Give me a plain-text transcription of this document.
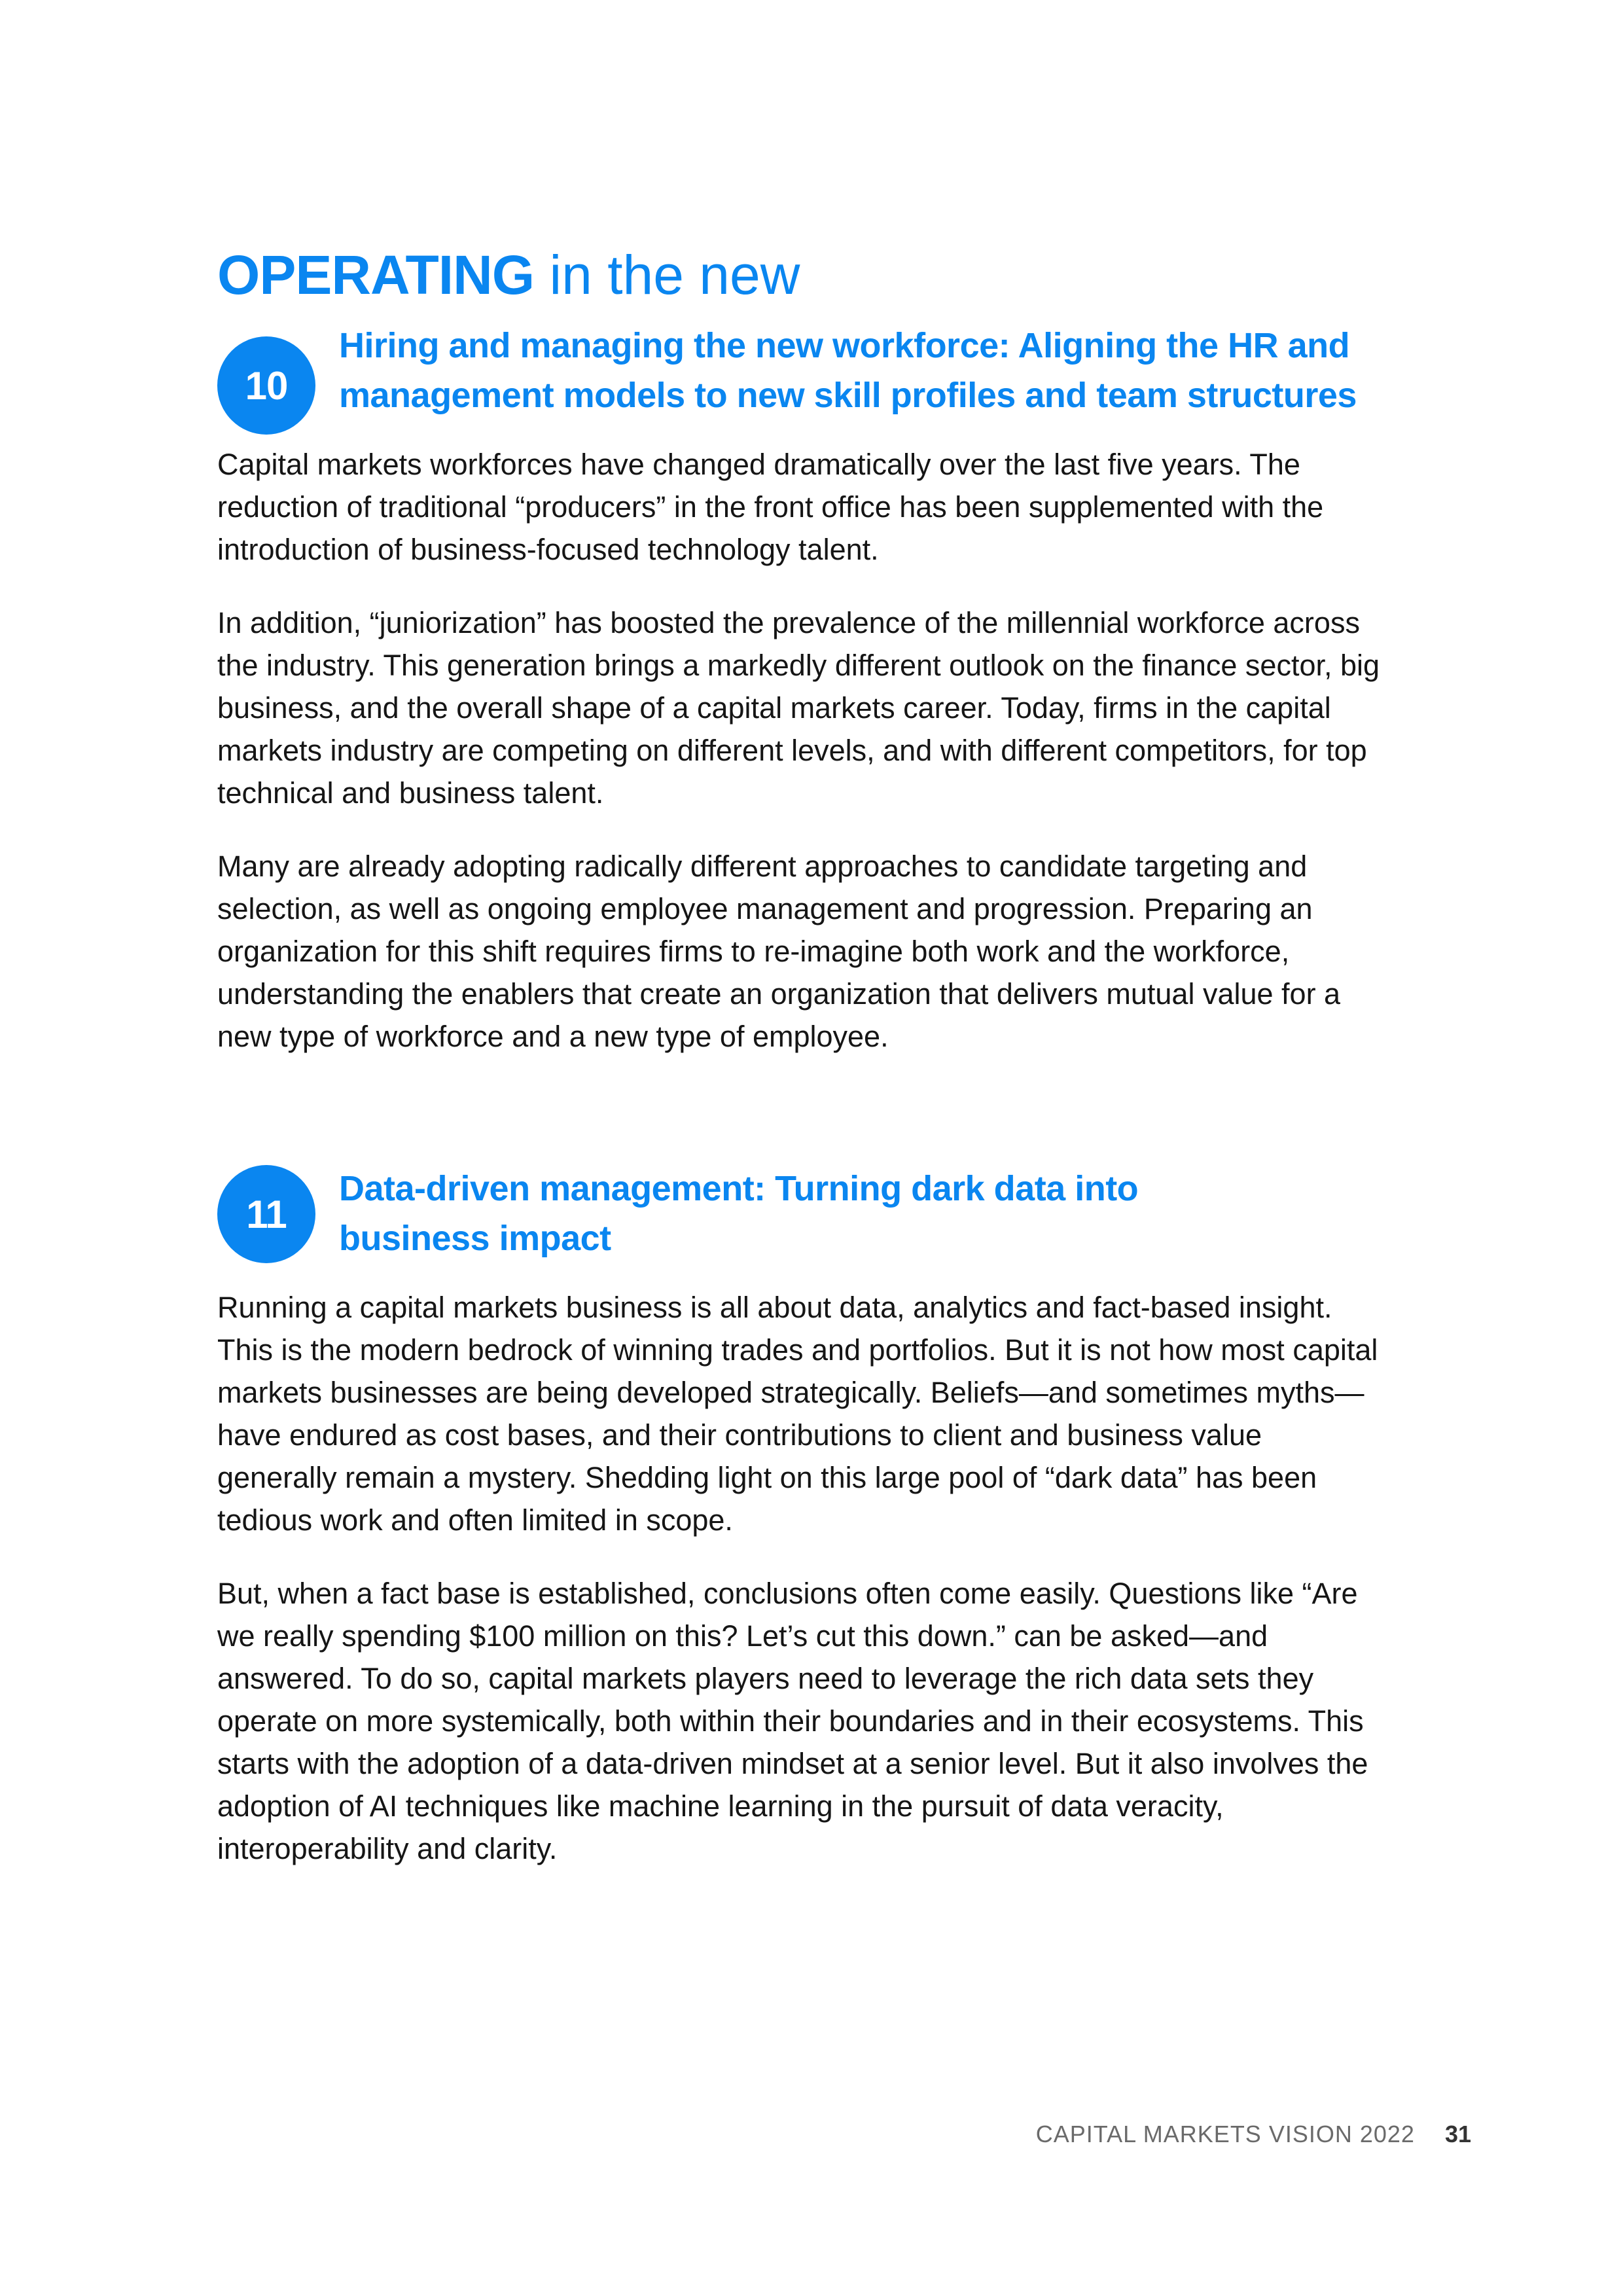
OPERATING in the new
10
Hiring and managing the new workforce: Aligning the HR and management models to new skill profiles and team structures

Capital markets workforces have changed dramatically over the last five years. The reduction of traditional “producers” in the front office has been supplemented with the introduction of business-focused technology talent.

In addition, “juniorization” has boosted the prevalence of the millennial workforce across the industry. This generation brings a markedly different outlook on the finance sector, big business, and the overall shape of a capital markets career. Today, firms in the capital markets industry are competing on different levels, and with different competitors, for top technical and business talent.

Many are already adopting radically different approaches to candidate targeting and selection, as well as ongoing employee management and progression. Preparing an organization for this shift requires firms to re-imagine both work and the workforce, understanding the enablers that create an organization that delivers mutual value for a new type of workforce and a new type of employee.

11
Data-driven management: Turning dark data into business impact

Running a capital markets business is all about data, analytics and fact-based insight. This is the modern bedrock of winning trades and portfolios. But it is not how most capital markets businesses are being developed strategically. Beliefs—and sometimes myths—have endured as cost bases, and their contributions to client and business value generally remain a mystery. Shedding light on this large pool of “dark data” has been tedious work and often limited in scope.

But, when a fact base is established, conclusions often come easily. Questions like “Are we really spending $100 million on this? Let’s cut this down.” can be asked—and answered. To do so, capital markets players need to leverage the rich data sets they operate on more systemically, both within their boundaries and in their ecosystems. This starts with the adoption of a data-driven mindset at a senior level. But it also involves the adoption of AI techniques like machine learning in the pursuit of data veracity, interoperability and clarity.

CAPITAL MARKETS VISION 2022 31
